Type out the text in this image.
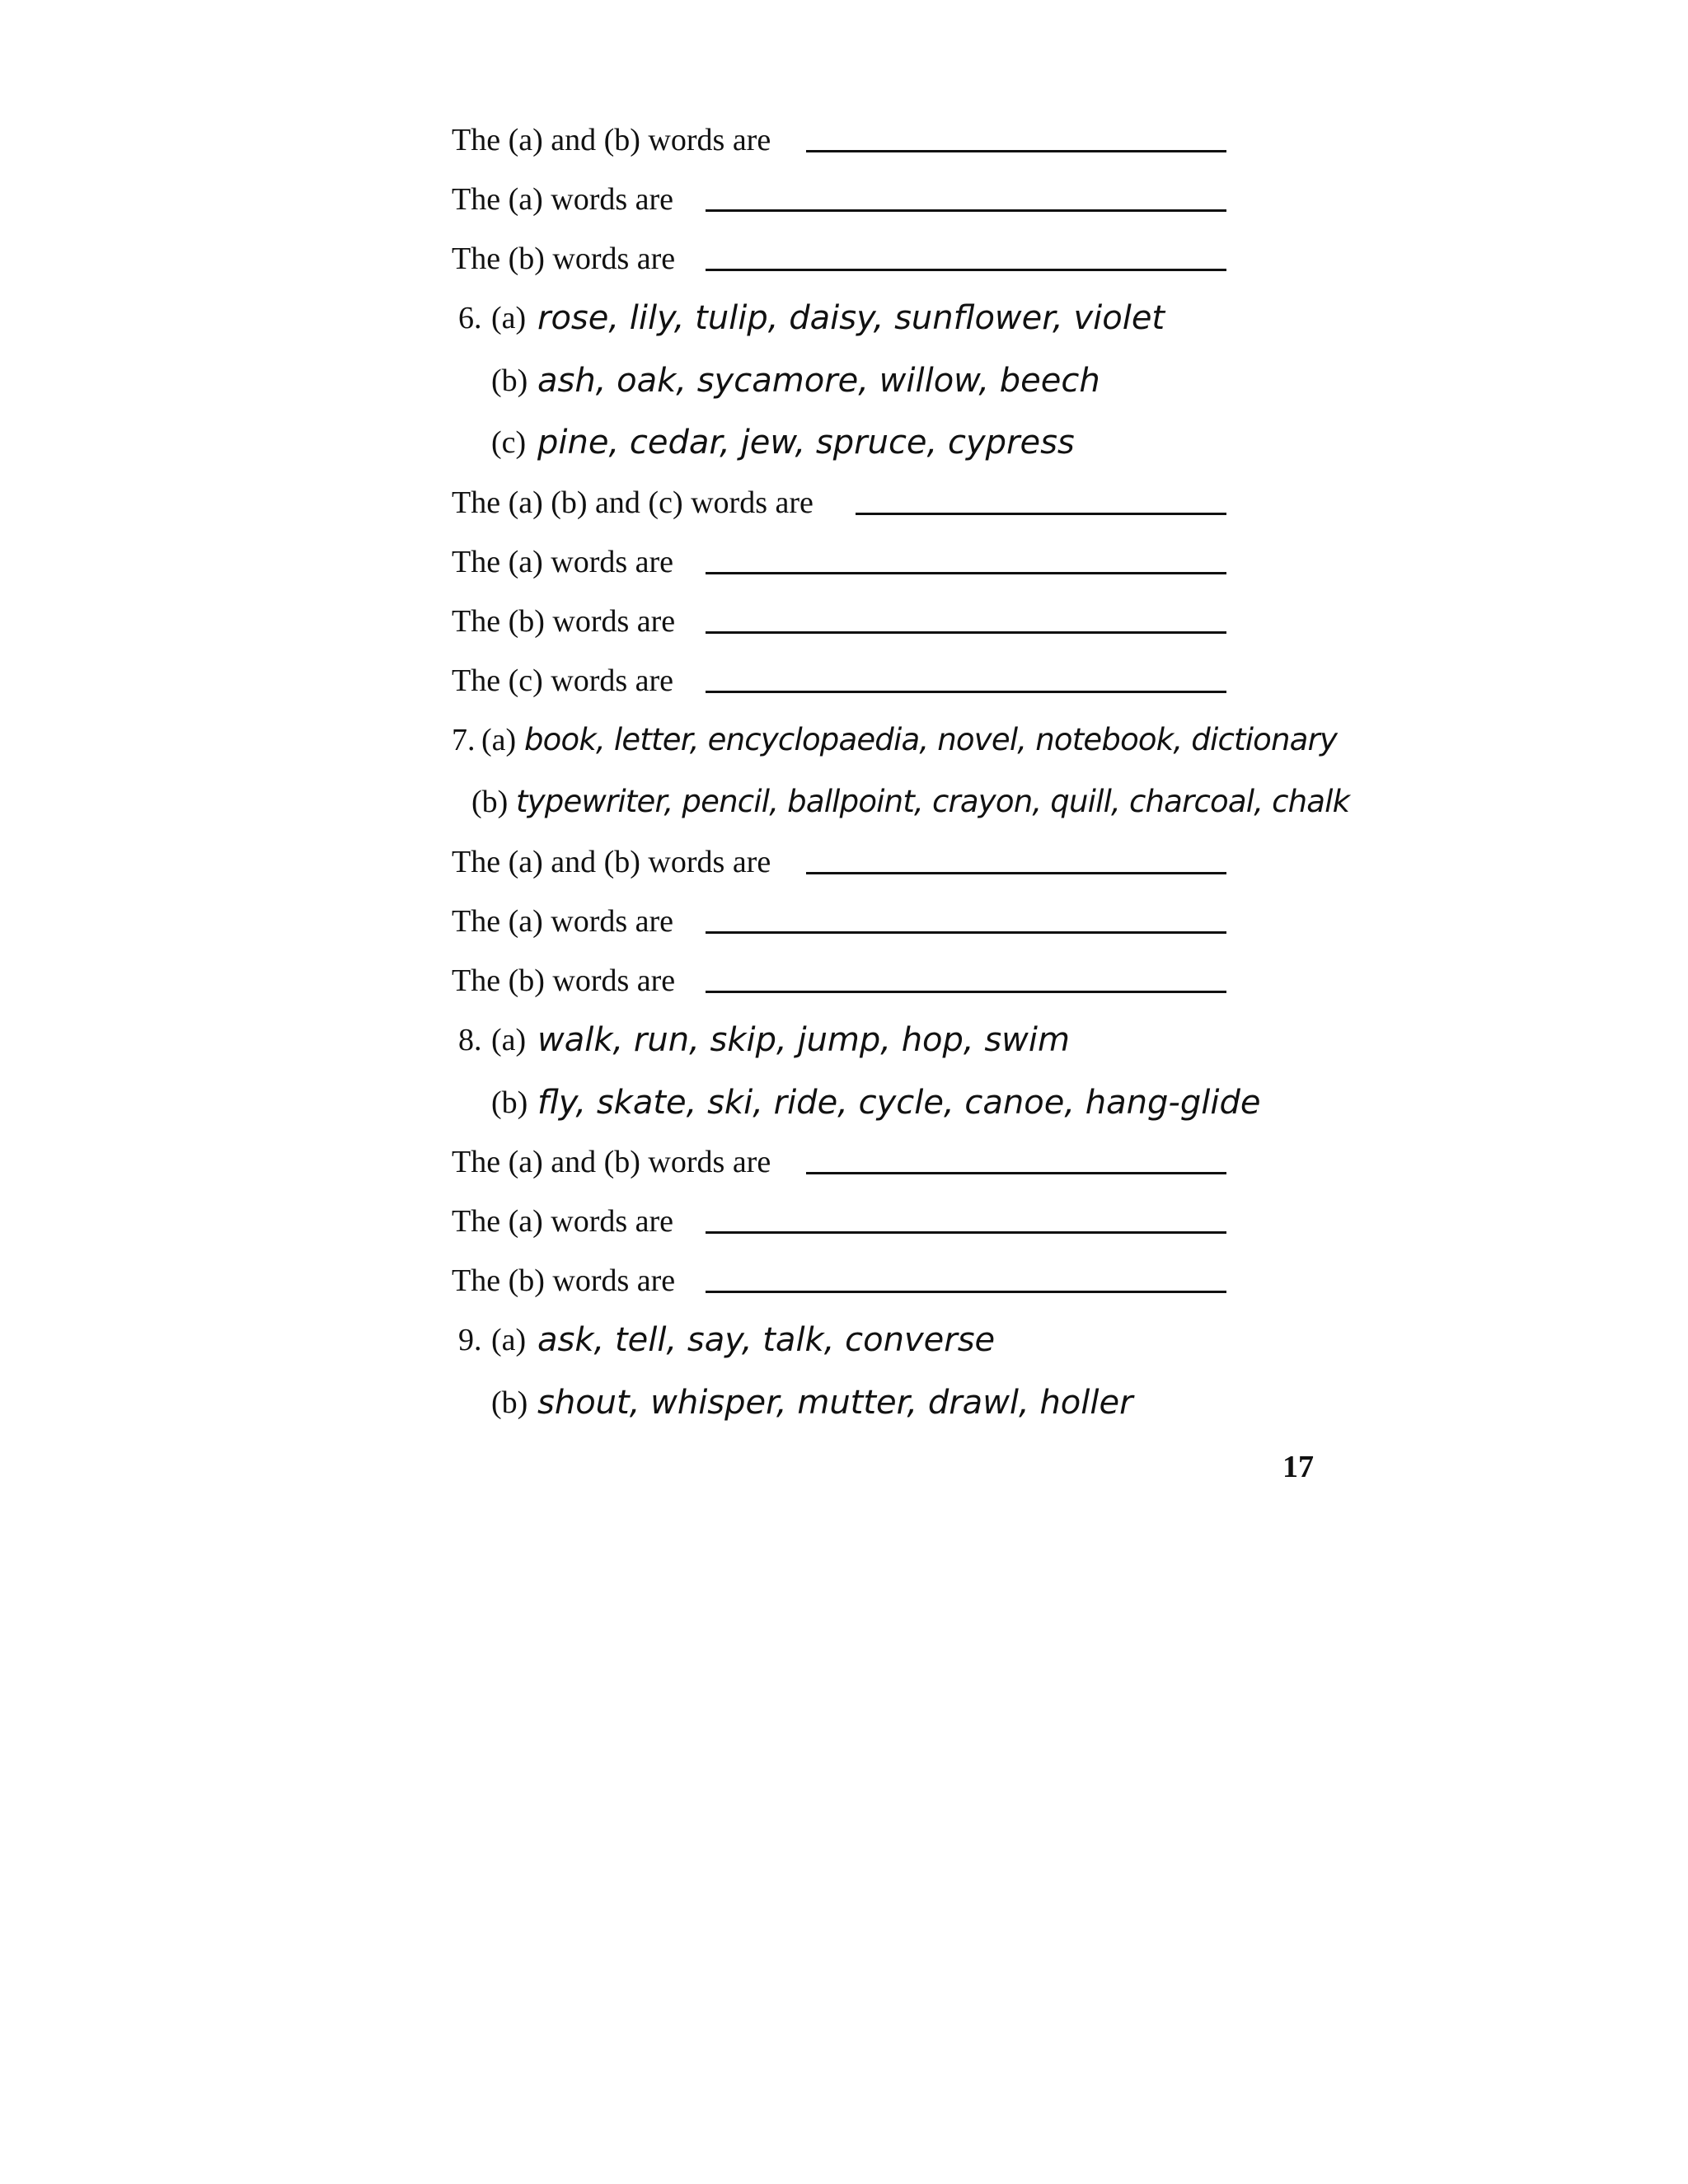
The (a) and (b) words are
The (a) words are
The (b) words are
6. (a) rose, lily, tulip, daisy, sunflower, violet
(b) ash, oak, sycamore, willow, beech
(c) pine, cedar, jew, spruce, cypress
The (a) (b) and (c) words are
The (a) words are
The (b) words are
The (c) words are
7. (a) book, letter, encyclopaedia, novel, notebook, dictionary
(b) typewriter, pencil, ballpoint, crayon, quill, charcoal, chalk
The (a) and (b) words are
The (a) words are
The (b) words are
8. (a) walk, run, skip, jump, hop, swim
(b) fly, skate, ski, ride, cycle, canoe, hang-glide
The (a) and (b) words are
The (a) words are
The (b) words are
9. (a) ask, tell, say, talk, converse
(b) shout, whisper, mutter, drawl, holler
17
